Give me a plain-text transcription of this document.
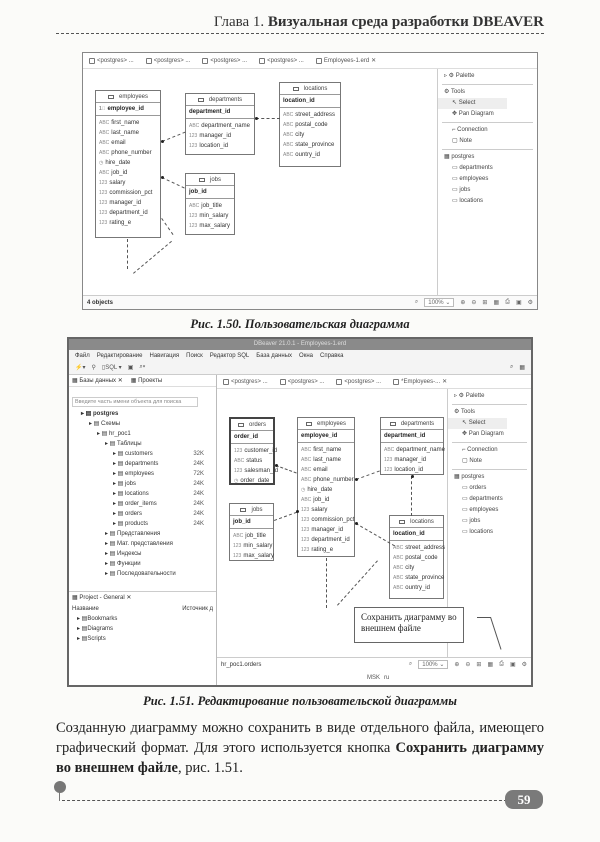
Глава 1. Визуальная среда разработки DBEAVER
<postgres> ...	<postgres> ...	<postgres> ...	<postgres> ...	Employees-1.erd ✕
employees
1⃣ employee_id
ABC first_name
ABC last_name
ABC email
ABC phone_number
◷ hire_date
ABC job_id
123 salary
123 commission_pct
123 manager_id
123 department_id
123 rating_e
departments
department_id
ABC department_name
123 manager_id
123 location_id
locations
location_id
ABC street_address
ABC postal_code
ABC city
ABC state_province
ABC ountry_id
jobs
job_id
ABC job_title
123 min_salary
123 max_salary
▹ ⚙ Palette
⚙ Tools
↖ Select
✥ Pan Diagram
⌐ Connection
▢ Note
▦ postgres
▭ departments
▭ employees
▭ jobs
▭ locations
4 objects	⌕	100% ⌄	⊕ ⊖ ⊞ ▦ ⎙ ▣ ⚙
Рис. 1.50. Пользовательская диаграмма
DBeaver 21.0.1 - Employees-1.erd
Файл Редактирование Навигация Поиск Редактор SQL База данных Окна Справка
⚡▾ ⚲ ▯SQL ▾ ▣ ⌕▾	⌕ ▦
▦ Базы данных ✕ ▦ Проекты
Введите часть имени объекта для поиска
▸ ▤ postgres
▸ ▤ Схемы
▸ ▤ hr_poc1
▸ ▤ Таблицы
▸ ▤ customers	32K
▸ ▤ departments	24K
▸ ▤ employees	72K
▸ ▤ jobs	24K
▸ ▤ locations	24K
▸ ▤ order_items	24K
▸ ▤ orders	24K
▸ ▤ products	24K
▸ ▤ Представления
▸ ▤ Мат. представления
▸ ▤ Индексы
▸ ▤ Функции
▸ ▤ Последовательности
▦ Project - General ✕
Название	Источник д
▸ ▤ Bookmarks
▸ ▤ Diagrams
▸ ▤ Scripts
<postgres> ...	<postgres> ...	<postgres> ...	*Employees-... ✕
orders
order_id
123 customer_id
ABC status
123 salesman_id
◷ order_date
employees
employee_id
ABC first_name
ABC last_name
ABC email
ABC phone_number
◷ hire_date
ABC job_id
123 salary
123 commission_pct
123 manager_id
123 department_id
123 rating_e
departments
department_id
ABC department_name
123 manager_id
123 location_id
jobs
job_id
ABC job_title
123 min_salary
123 max_salary
locations
location_id
ABC street_address
ABC postal_code
ABC city
ABC state_province
ABC ountry_id
▹ ⚙ Palette
⚙ Tools
↖ Select
✥ Pan Diagram
⌐ Connection
▢ Note
▦ postgres
▭ orders
▭ departments
▭ employees
▭ jobs
▭ locations
Сохранить диаграмму во внешнем файле
hr_poc1.orders	⌕	100% ⌄	⊕ ⊖ ⊞ ▦ ⎙ ▣ ⚙
MSK ru
Рис. 1.51. Редактирование пользовательской диаграммы
Созданную диаграмму можно сохранить в виде отдельного файла, имеющего графический формат. Для этого используется кнопка Сохранить диаграмму во внешнем файле, рис. 1.51.
59
